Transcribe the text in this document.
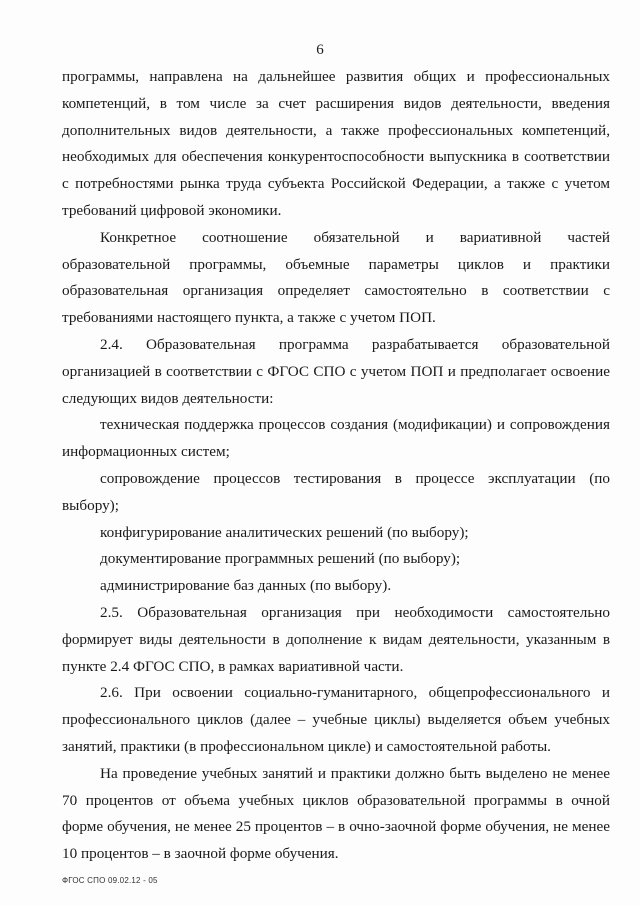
6

программы, направлена на дальнейшее развития общих и профессиональных компетенций, в том числе за счет расширения видов деятельности, введения дополнительных видов деятельности, а также профессиональных компетенций, необходимых для обеспечения конкурентоспособности выпускника в соответствии с потребностями рынка труда субъекта Российской Федерации, а также с учетом требований цифровой экономики.

Конкретное соотношение обязательной и вариативной частей образовательной программы, объемные параметры циклов и практики образовательная организация определяет самостоятельно в соответствии с требованиями настоящего пункта, а также с учетом ПОП.

2.4. Образовательная программа разрабатывается образовательной организацией в соответствии с ФГОС СПО с учетом ПОП и предполагает освоение следующих видов деятельности:

техническая поддержка процессов создания (модификации) и сопровождения информационных систем;

сопровождение процессов тестирования в процессе эксплуатации (по выбору);

конфигурирование аналитических решений (по выбору);

документирование программных решений (по выбору);

администрирование баз данных (по выбору).

2.5. Образовательная организация при необходимости самостоятельно формирует виды деятельности в дополнение к видам деятельности, указанным в пункте 2.4 ФГОС СПО, в рамках вариативной части.

2.6. При освоении социально-гуманитарного, общепрофессионального и профессионального циклов (далее – учебные циклы) выделяется объем учебных занятий, практики (в профессиональном цикле) и самостоятельной работы.

На проведение учебных занятий и практики должно быть выделено не менее 70 процентов от объема учебных циклов образовательной программы в очной форме обучения, не менее 25 процентов – в очно-заочной форме обучения, не менее 10 процентов – в заочной форме обучения.

ФГОС СПО 09.02.12 - 05
